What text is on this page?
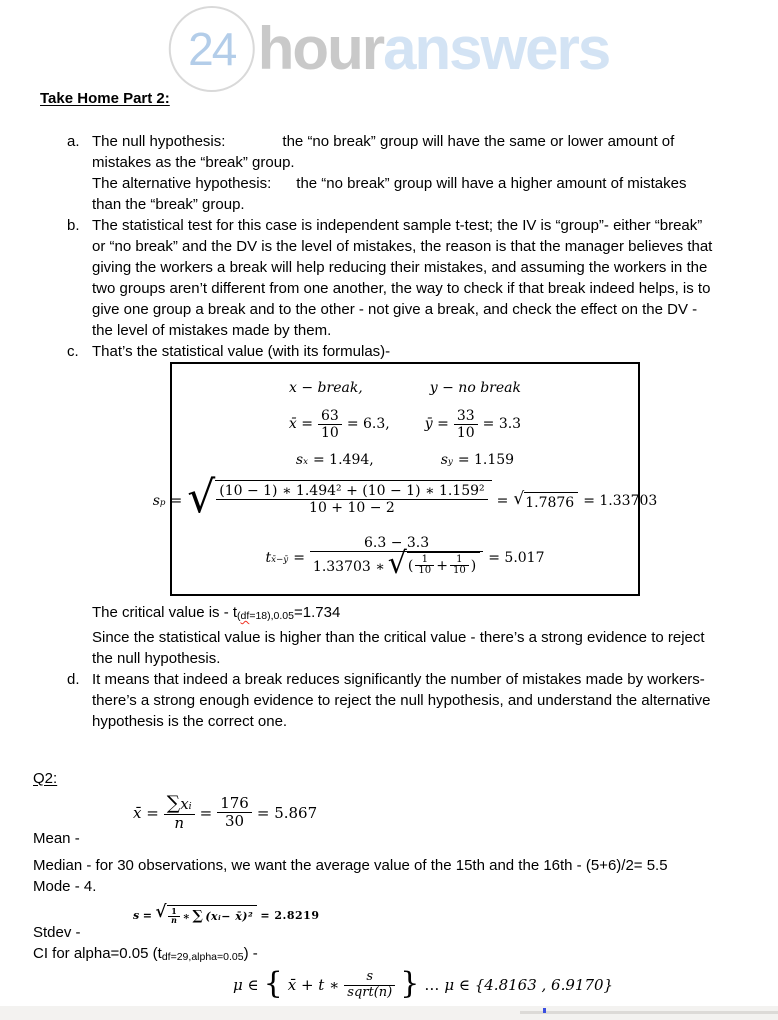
24 hour answers
Take Home Part 2:
a. The null hypothesis:	the “no break” group will have the same or lower amount of mistakes as the “break” group.

The alternative hypothesis: the “no break” group will have a higher amount of mistakes than the “break” group.

b. The statistical test for this case is independent sample t-test; the IV is “group”- either “break” or “no break” and the DV is the level of mistakes, the reason is that the manager believes that giving the workers a break will help reducing their mistakes, and assuming the workers in the two groups aren’t different from one another, the way to check if that break indeed helps, is to give one group a break and to the other - not give a break, and check the effect on the DV - the level of mistakes made by them.

c. That’s the statistical value (with its formulas)-

x − break,	y − no break
x̄ = $\frac{63}{10} = 6.3$,	ȳ = $\frac{33}{10} = 3.3$
s x = 1.494,	s y = 1.159
s p = √ $\frac{\text{(10 − 1) ∗ 1.494² + (10 − 1) ∗ 1.159²}}{10 + 10 - 2}$ = √ 1.7876 = 1.33703
t x̄−ȳ =
6.3 − 3.3
1.33703 ∗ √ ( $\frac{1}{10} + \frac{1}{10}$ ) = 5.017

The critical value is - t(df=18),0.05=1.734

Since the statistical value is higher than the critical value - there’s a strong evidence to reject the null hypothesis.

d. It means that indeed a break reduces significantly the number of mistakes made by workers- there’s a strong enough evidence to reject the null hypothesis, and understand the alternative hypothesis is the correct one.

Q2:
Mean -
x̄ = $\frac{\text{∑ x i}}{n} = \frac{176}{30} = 5.867$

Median - for 30 observations, we want the average value of the 15th and the 16th - (5+6)/2= 5.5

Mode - 4.

Stdev -
s = √ $\frac{1}{n}$ ∗ ∑ (x i − x̄)² = 2.8219

CI for alpha=0.05 (tdf=29,alpha=0.05) -

μ ∈ { x̄ + t ∗ $\frac{s}{\text{sqrt(n)}}$ } … μ ∈ {4.8163 , 6.9170}
